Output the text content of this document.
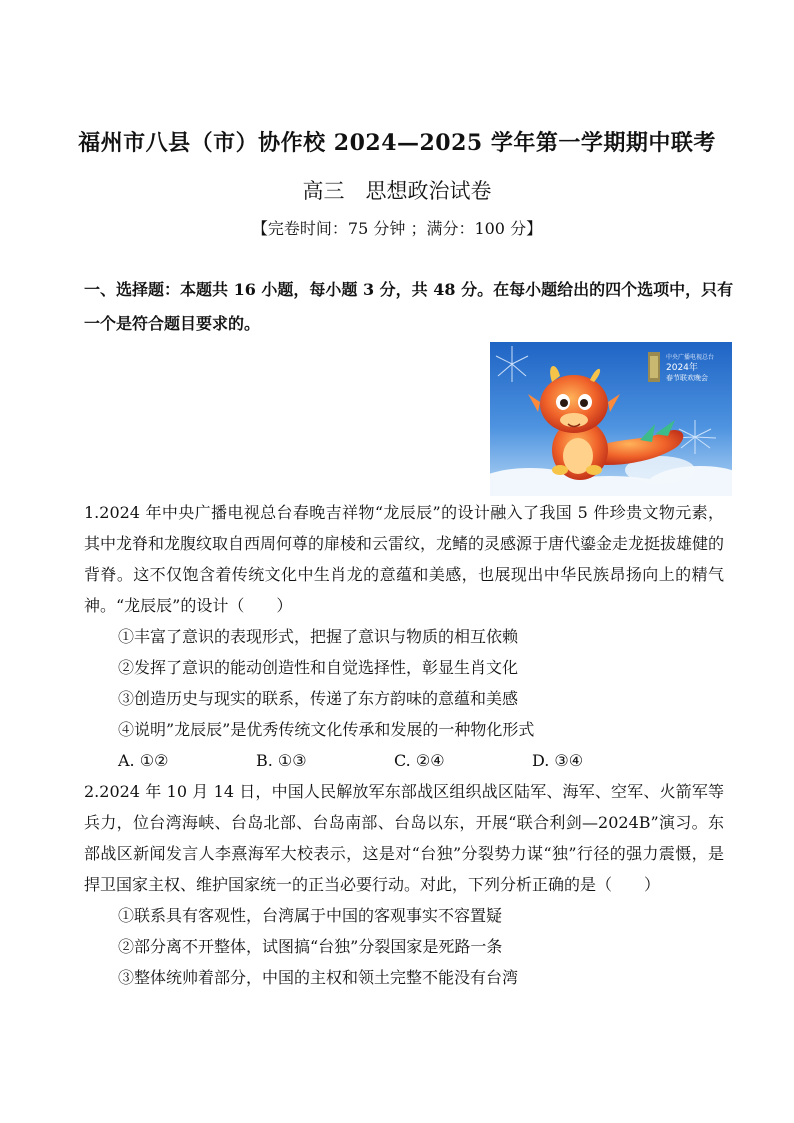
福州市八县（市）协作校 2024—2025 学年第一学期期中联考
高三　思想政治试卷
【完卷时间：75 分钟 ；满分：100 分】
一、选择题：本题共 16 小题，每小题 3 分，共 48 分。在每小题给出的四个选项中，只有一个是符合题目要求的。
中央广播电视总台
2024年
春节联欢晚会
1.2024 年中央广播电视总台春晚吉祥物“龙辰辰”的设计融入了我国 5 件珍贵文物元素，其中龙脊和龙腹纹取自西周何尊的扉棱和云雷纹，龙鳍的灵感源于唐代鎏金走龙挺拔雄健的背脊。这不仅饱含着传统文化中生肖龙的意蕴和美感，也展现出中华民族昂扬向上的精气神。“龙辰辰”的设计（　　）
①丰富了意识的表现形式，把握了意识与物质的相互依赖
②发挥了意识的能动创造性和自觉选择性，彰显生肖文化
③创造历史与现实的联系，传递了东方韵味的意蕴和美感
④说明”龙辰辰”是优秀传统文化传承和发展的一种物化形式
A. ①②	B. ①③	C. ②④	D. ③④
2.2024 年 10 月 14 日，中国人民解放军东部战区组织战区陆军、海军、空军、火箭军等兵力，位台湾海峡、台岛北部、台岛南部、台岛以东，开展“联合利剑—2024B”演习。东部战区新闻发言人李熹海军大校表示，这是对“台独”分裂势力谋“独”行径的强力震慑，是捍卫国家主权、维护国家统一的正当必要行动。对此，下列分析正确的是（　　）
①联系具有客观性，台湾属于中国的客观事实不容置疑
②部分离不开整体，试图搞“台独”分裂国家是死路一条
③整体统帅着部分，中国的主权和领土完整不能没有台湾
